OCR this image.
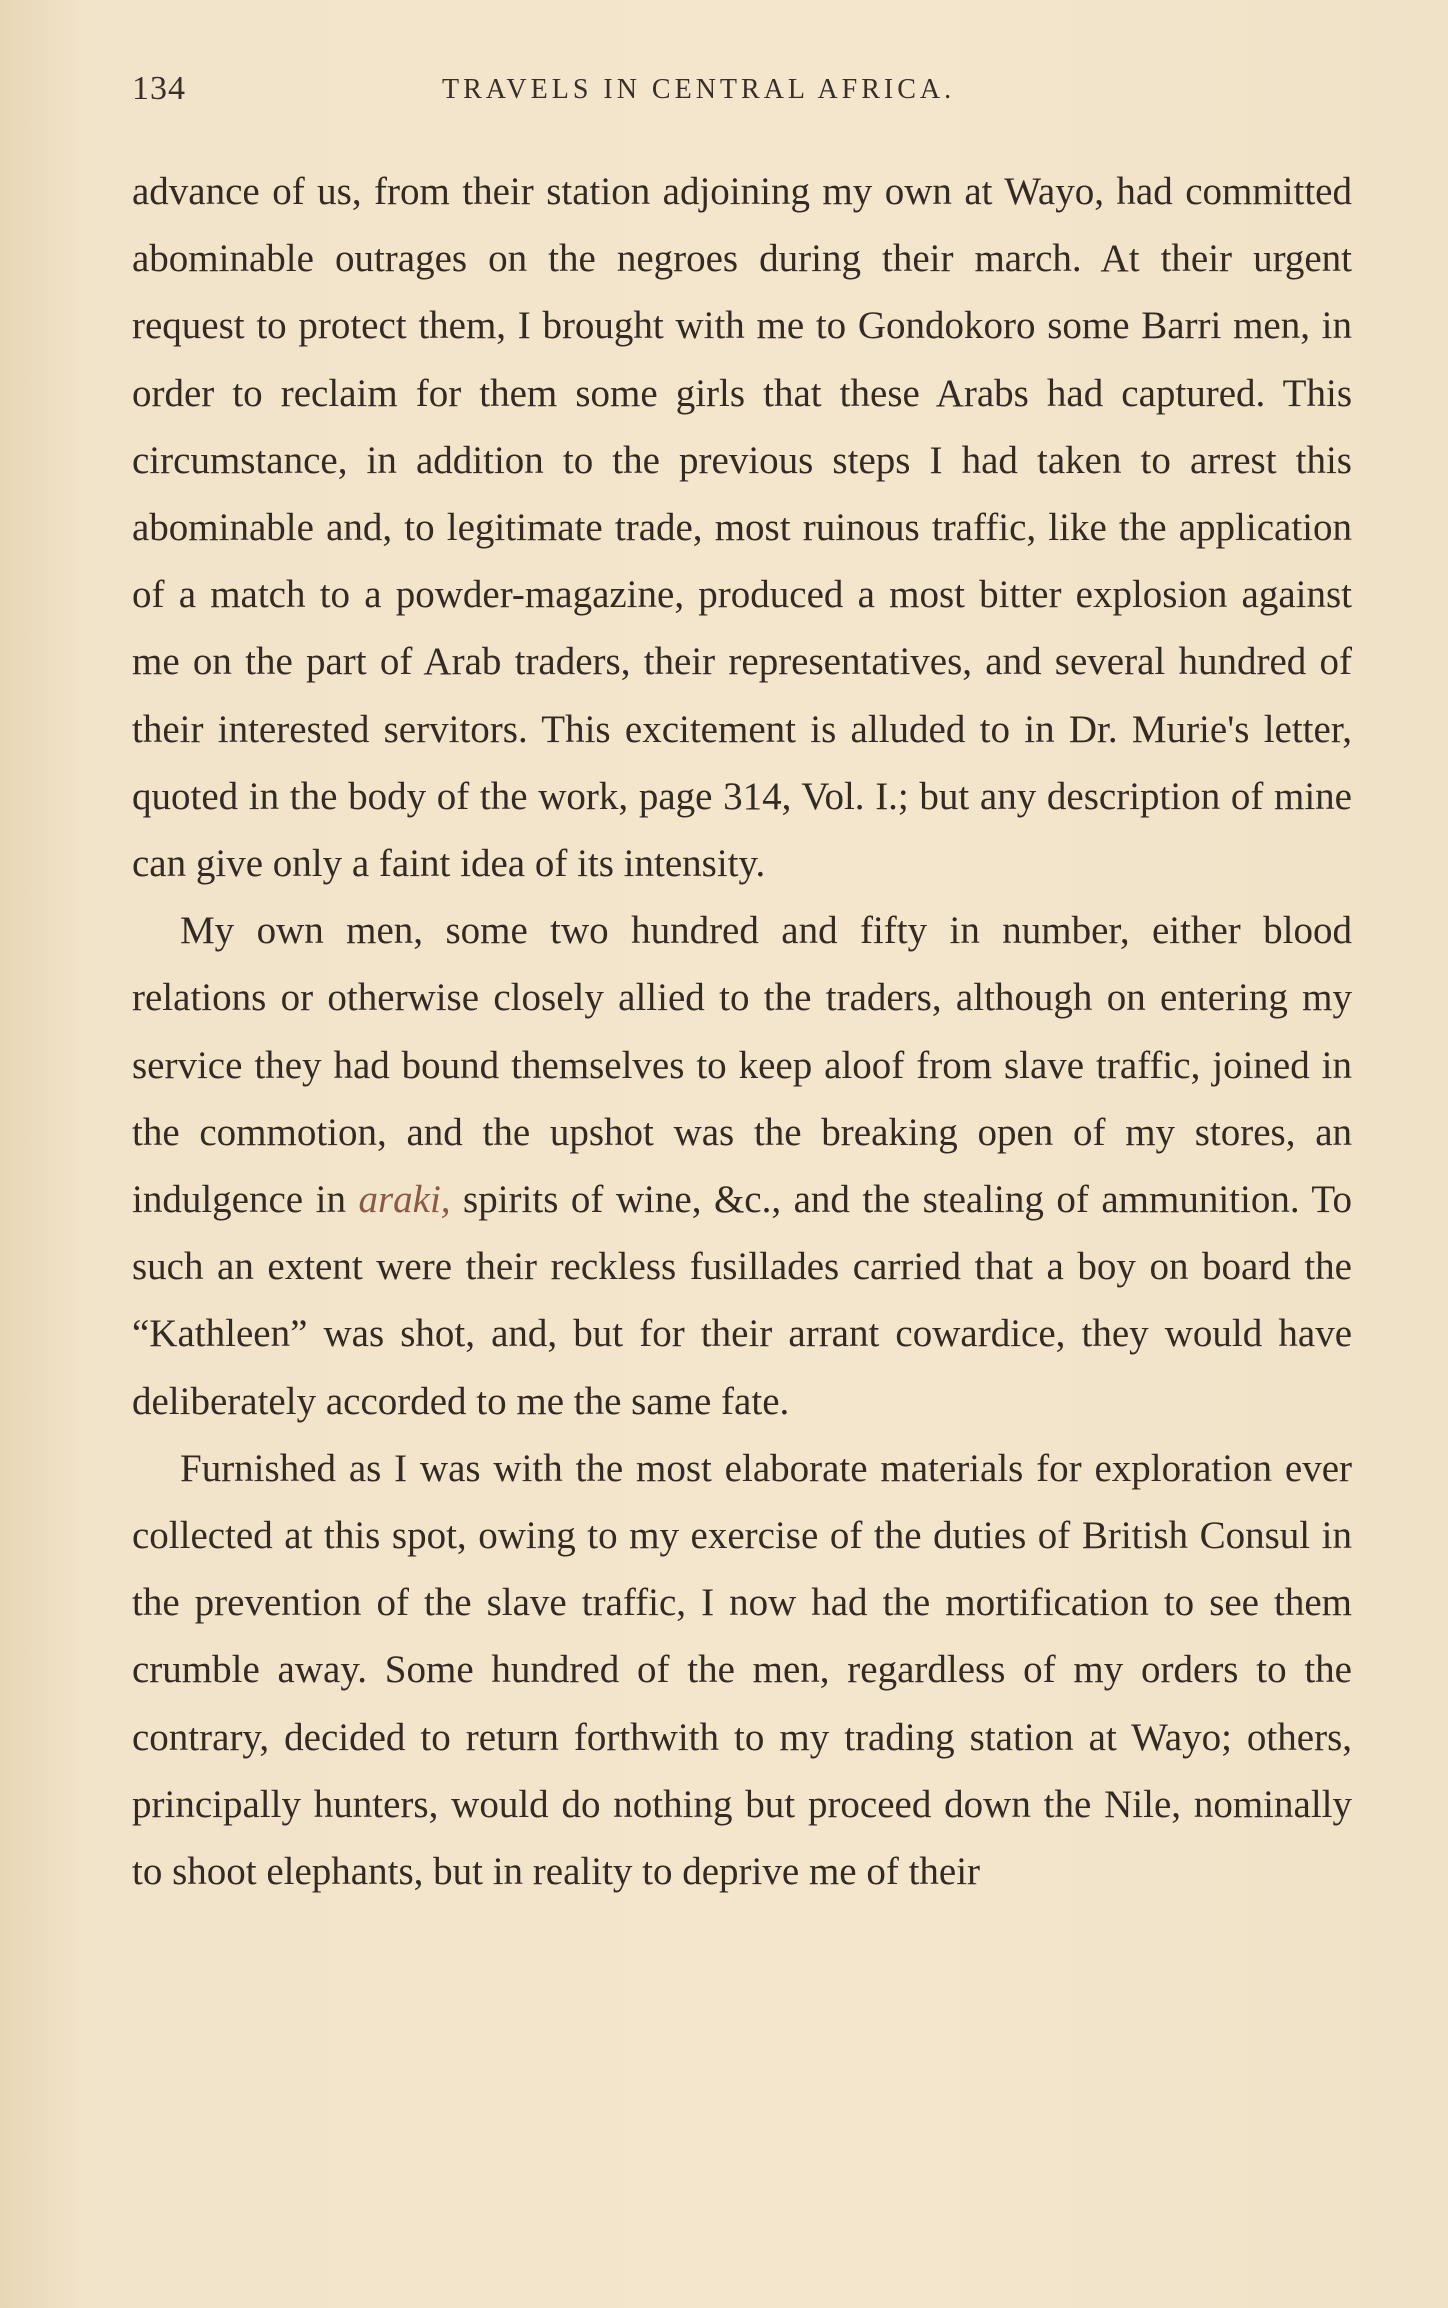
134	TRAVELS IN CENTRAL AFRICA.

advance of us, from their station adjoining my own at Wayo, had committed abominable outrages on the negroes during their march. At their urgent request to protect them, I brought with me to Gondokoro some Barri men, in order to reclaim for them some girls that these Arabs had captured. This circumstance, in addition to the previous steps I had taken to arrest this abominable and, to legitimate trade, most ruinous traffic, like the application of a match to a powder-magazine, produced a most bitter explosion against me on the part of Arab traders, their representatives, and several hundred of their interested servitors. This excitement is alluded to in Dr. Murie's letter, quoted in the body of the work, page 314, Vol. I.; but any description of mine can give only a faint idea of its intensity.

My own men, some two hundred and fifty in number, either blood relations or otherwise closely allied to the traders, although on entering my service they had bound themselves to keep aloof from slave traffic, joined in the commotion, and the upshot was the breaking open of my stores, an indulgence in araki, spirits of wine, &c., and the stealing of ammunition. To such an extent were their reckless fusillades carried that a boy on board the “Kathleen” was shot, and, but for their arrant cowardice, they would have deliberately accorded to me the same fate.

Furnished as I was with the most elaborate materials for exploration ever collected at this spot, owing to my exercise of the duties of British Consul in the prevention of the slave traffic, I now had the mortification to see them crumble away. Some hundred of the men, regardless of my orders to the contrary, decided to return forthwith to my trading station at Wayo; others, principally hunters, would do nothing but proceed down the Nile, nominally to shoot elephants, but in reality to deprive me of their
